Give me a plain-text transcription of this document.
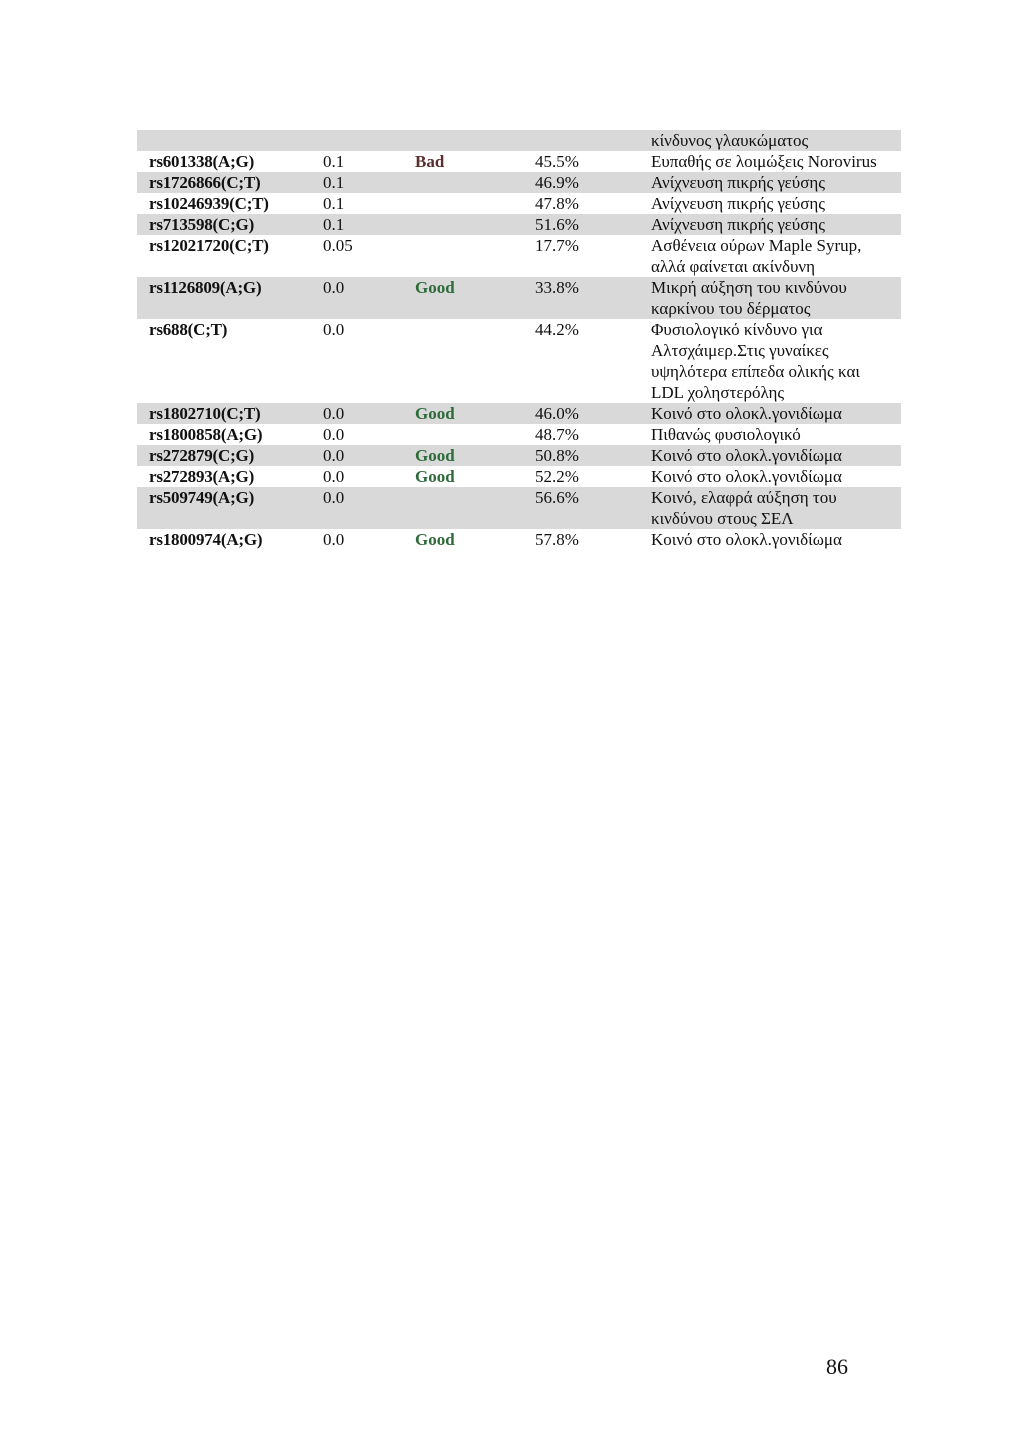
				κίνδυνος γλαυκώματος
rs601338(A;G)	0.1	Bad	45.5%	Ευπαθής σε λοιμώξεις Norovirus
rs1726866(C;T)	0.1		46.9%	Ανίχνευση πικρής γεύσης
rs10246939(C;T)	0.1		47.8%	Ανίχνευση πικρής γεύσης
rs713598(C;G)	0.1		51.6%	Ανίχνευση πικρής γεύσης
rs12021720(C;T)	0.05		17.7%	Ασθένεια ούρων Maple Syrup, αλλά φαίνεται ακίνδυνη
rs1126809(A;G)	0.0	Good	33.8%	Μικρή αύξηση του κινδύνου καρκίνου του δέρματος
rs688(C;T)	0.0		44.2%	Φυσιολογικό κίνδυνο για Αλτσχάιμερ.Στις γυναίκες υψηλότερα επίπεδα ολικής και LDL χοληστερόλης
rs1802710(C;T)	0.0	Good	46.0%	Κοινό στο ολοκλ.γονιδίωμα
rs1800858(A;G)	0.0		48.7%	Πιθανώς φυσιολογικό
rs272879(C;G)	0.0	Good	50.8%	Κοινό στο ολοκλ.γονιδίωμα
rs272893(A;G)	0.0	Good	52.2%	Κοινό στο ολοκλ.γονιδίωμα
rs509749(A;G)	0.0		56.6%	Κοινό, ελαφρά αύξηση του κινδύνου στους ΣΕΛ
rs1800974(A;G)	0.0	Good	57.8%	Κοινό στο ολοκλ.γονιδίωμα
86
